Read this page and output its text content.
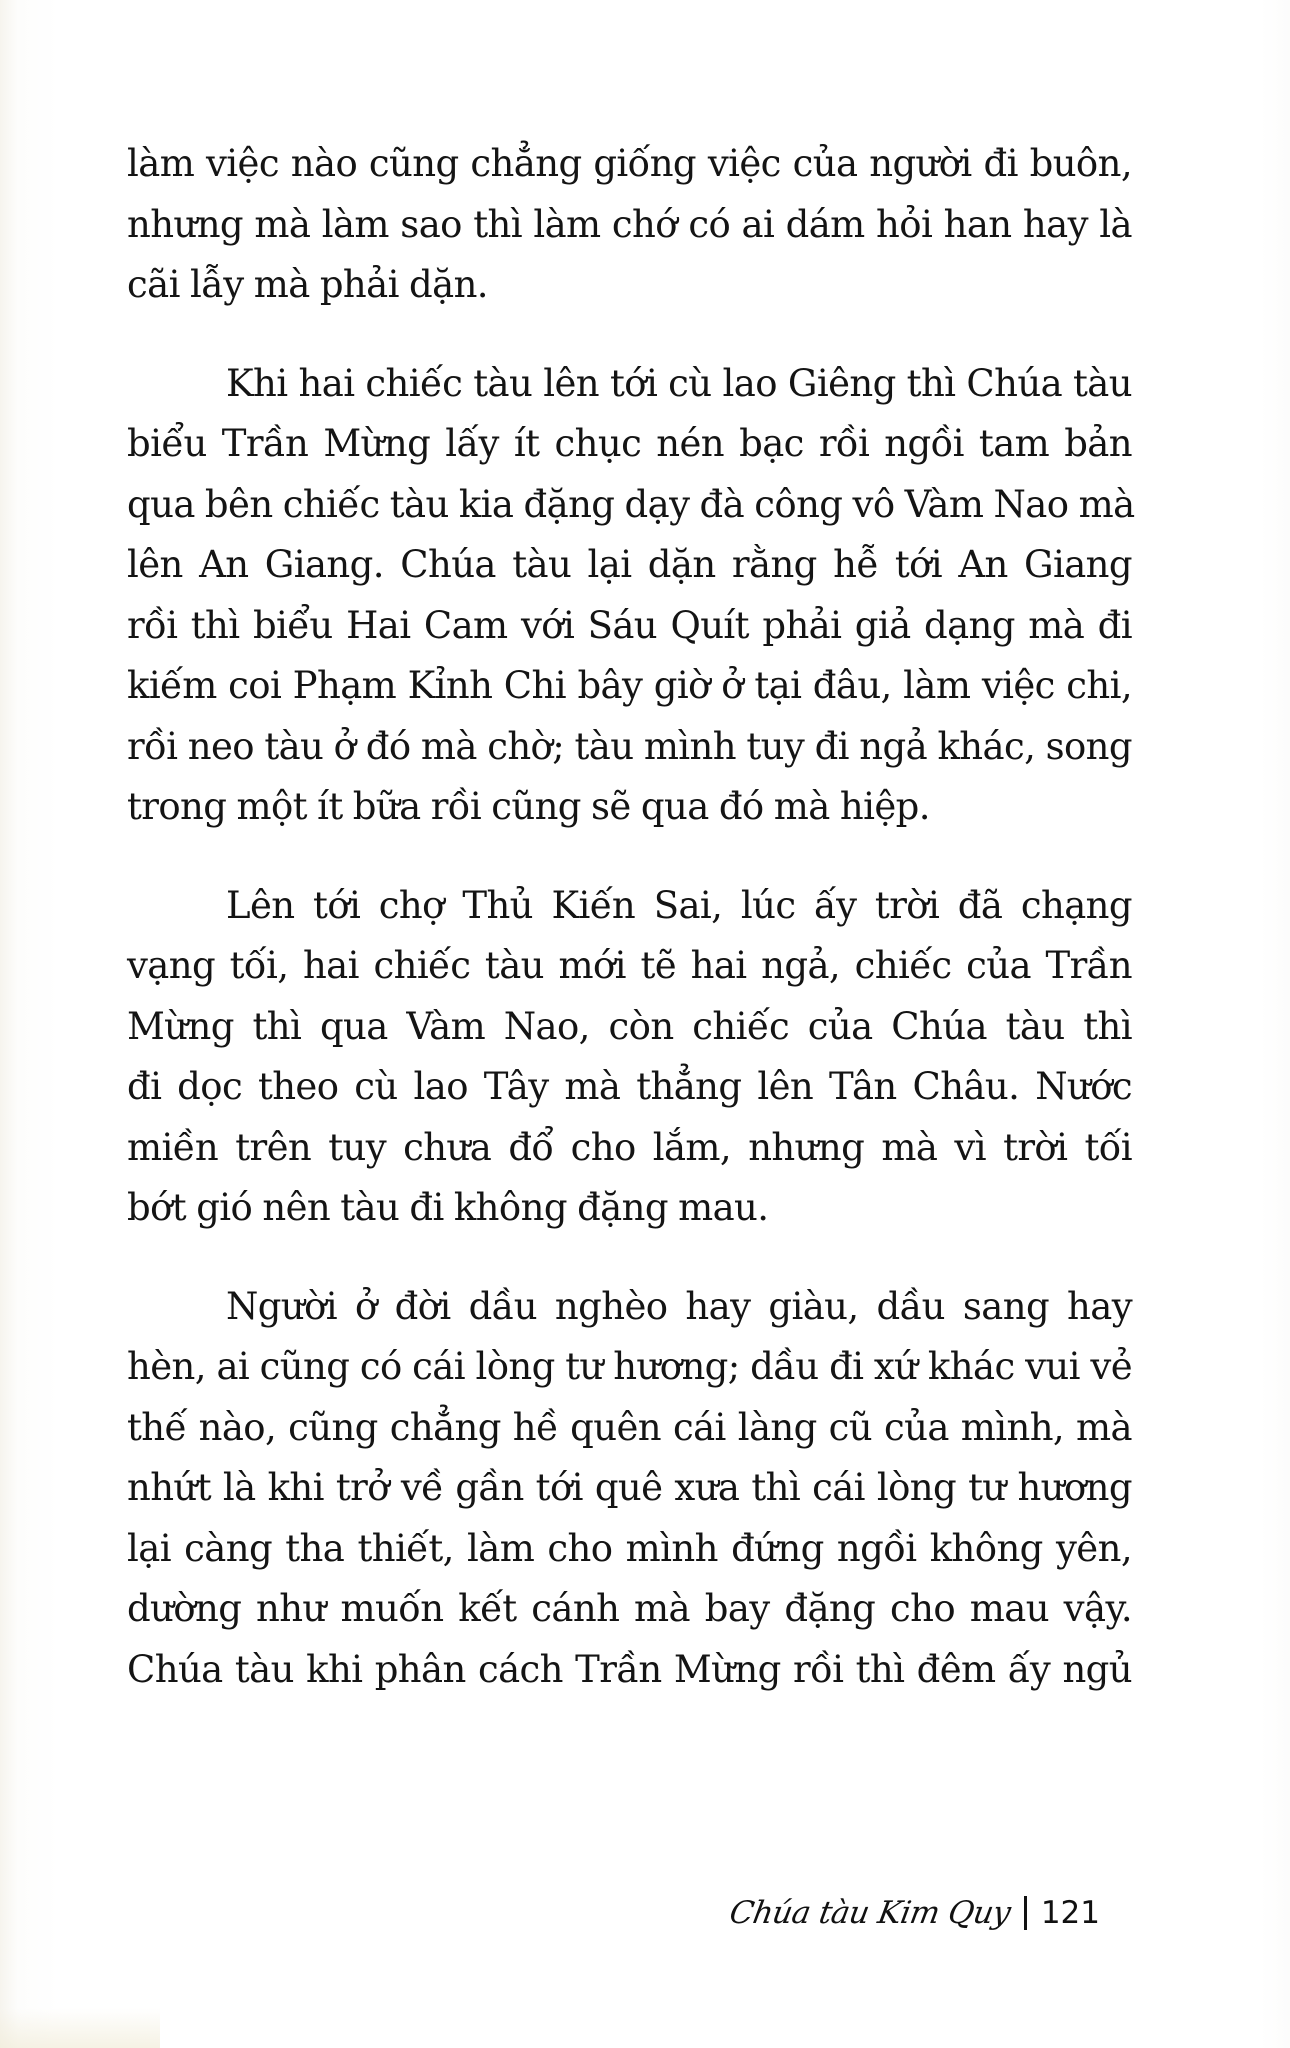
làm việc nào cũng chẳng giống việc của người đi buôn,
nhưng mà làm sao thì làm chớ có ai dám hỏi han hay là
cãi lẫy mà phải dặn.

Khi hai chiếc tàu lên tới cù lao Giêng thì Chúa tàu
biểu Trần Mừng lấy ít chục nén bạc rồi ngồi tam bản
qua bên chiếc tàu kia đặng dạy đà công vô Vàm Nao mà
lên An Giang. Chúa tàu lại dặn rằng hễ tới An Giang
rồi thì biểu Hai Cam với Sáu Quít phải giả dạng mà đi
kiếm coi Phạm Kỉnh Chi bây giờ ở tại đâu, làm việc chi,
rồi neo tàu ở đó mà chờ; tàu mình tuy đi ngả khác, song
trong một ít bữa rồi cũng sẽ qua đó mà hiệp.

Lên tới chợ Thủ Kiến Sai, lúc ấy trời đã chạng
vạng tối, hai chiếc tàu mới tẽ hai ngả, chiếc của Trần
Mừng thì qua Vàm Nao, còn chiếc của Chúa tàu thì
đi dọc theo cù lao Tây mà thẳng lên Tân Châu. Nước
miền trên tuy chưa đổ cho lắm, nhưng mà vì trời tối
bớt gió nên tàu đi không đặng mau.

Người ở đời dầu nghèo hay giàu, dầu sang hay
hèn, ai cũng có cái lòng tư hương; dầu đi xứ khác vui vẻ
thế nào, cũng chẳng hề quên cái làng cũ của mình, mà
nhứt là khi trở về gần tới quê xưa thì cái lòng tư hương
lại càng tha thiết, làm cho mình đứng ngồi không yên,
dường như muốn kết cánh mà bay đặng cho mau vậy.
Chúa tàu khi phân cách Trần Mừng rồi thì đêm ấy ngủ

Chúa tàu Kim Quy 121
